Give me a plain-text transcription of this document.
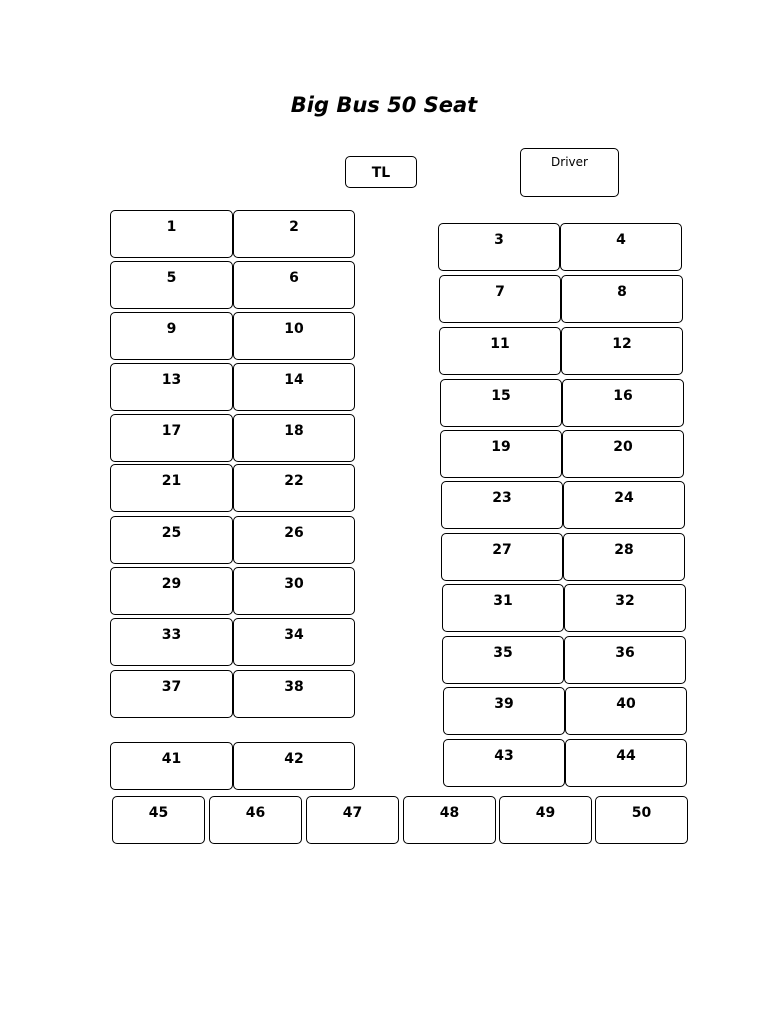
Big Bus 50 Seat
TL
Driver
1	2
5	6
9	10
13	14
17	18
21	22
25	26
29	30
33	34
37	38
41	42
3	4
7	8
11	12
15	16
19	20
23	24
27	28
31	32
35	36
39	40
43	44
45	46	47	48	49	50
